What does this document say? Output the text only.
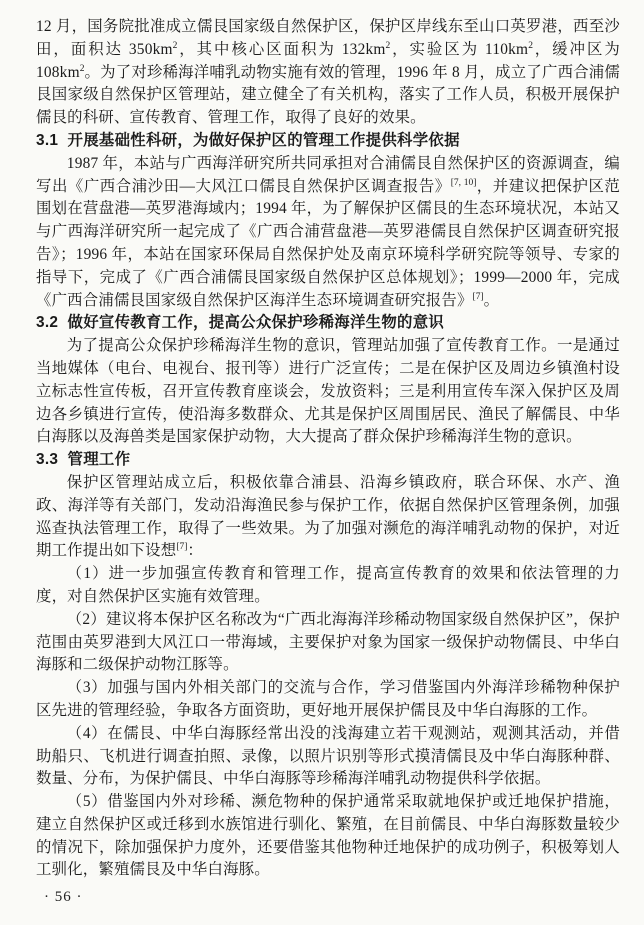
12 月，国务院批准成立儒艮国家级自然保护区，保护区岸线东至山口英罗港，西至沙田，面积达 $350km^2$，其中核心区面积为 $132km^2$，实验区为 $110km^2$，缓冲区为 $108km^2$。为了对珍稀海洋哺乳动物实施有效的管理，1996 年 8 月，成立了广西合浦儒艮国家级自然保护区管理站，建立健全了有关机构，落实了工作人员，积极开展保护儒艮的科研、宣传教育、管理工作，取得了良好的效果。

3.1 开展基础性科研，为做好保护区的管理工作提供科学依据

1987 年，本站与广西海洋研究所共同承担对合浦儒艮自然保护区的资源调查，编写出《广西合浦沙田—大风江口儒艮自然保护区调查报告》[7, 10]，并建议把保护区范围划在营盘港—英罗港海域内；1994 年，为了解保护区儒艮的生态环境状况，本站又与广西海洋研究所一起完成了《广西合浦营盘港—英罗港儒艮自然保护区调查研究报告》；1996 年，本站在国家环保局自然保护处及南京环境科学研究院等领导、专家的指导下，完成了《广西合浦儒艮国家级自然保护区总体规划》；1999—2000 年，完成《广西合浦儒艮国家级自然保护区海洋生态环境调查研究报告》[7]。

3.2 做好宣传教育工作，提高公众保护珍稀海洋生物的意识

为了提高公众保护珍稀海洋生物的意识，管理站加强了宣传教育工作。一是通过当地媒体（电台、电视台、报刊等）进行广泛宣传；二是在保护区及周边乡镇渔村设立标志性宣传板，召开宣传教育座谈会，发放资料；三是利用宣传车深入保护区及周边各乡镇进行宣传，使沿海多数群众、尤其是保护区周围居民、渔民了解儒艮、中华白海豚以及海兽类是国家保护动物，大大提高了群众保护珍稀海洋生物的意识。

3.3 管理工作

保护区管理站成立后，积极依靠合浦县、沿海乡镇政府，联合环保、水产、渔政、海洋等有关部门，发动沿海渔民参与保护工作，依据自然保护区管理条例，加强巡查执法管理工作，取得了一些效果。为了加强对濒危的海洋哺乳动物的保护，对近期工作提出如下设想[7]：

（1）进一步加强宣传教育和管理工作，提高宣传教育的效果和依法管理的力度，对自然保护区实施有效管理。

（2）建议将本保护区名称改为“广西北海海洋珍稀动物国家级自然保护区”，保护范围由英罗港到大风江口一带海域，主要保护对象为国家一级保护动物儒艮、中华白海豚和二级保护动物江豚等。

（3）加强与国内外相关部门的交流与合作，学习借鉴国内外海洋珍稀物种保护区先进的管理经验，争取各方面资助，更好地开展保护儒艮及中华白海豚的工作。

（4）在儒艮、中华白海豚经常出没的浅海建立若干观测站，观测其活动，并借助船只、飞机进行调查拍照、录像，以照片识别等形式摸清儒艮及中华白海豚种群、数量、分布，为保护儒艮、中华白海豚等珍稀海洋哺乳动物提供科学依据。

（5）借鉴国内外对珍稀、濒危物种的保护通常采取就地保护或迁地保护措施，建立自然保护区或迁移到水族馆进行驯化、繁殖，在目前儒艮、中华白海豚数量较少的情况下，除加强保护力度外，还要借鉴其他物种迁地保护的成功例子，积极筹划人工驯化，繁殖儒艮及中华白海豚。

· 56 ·
